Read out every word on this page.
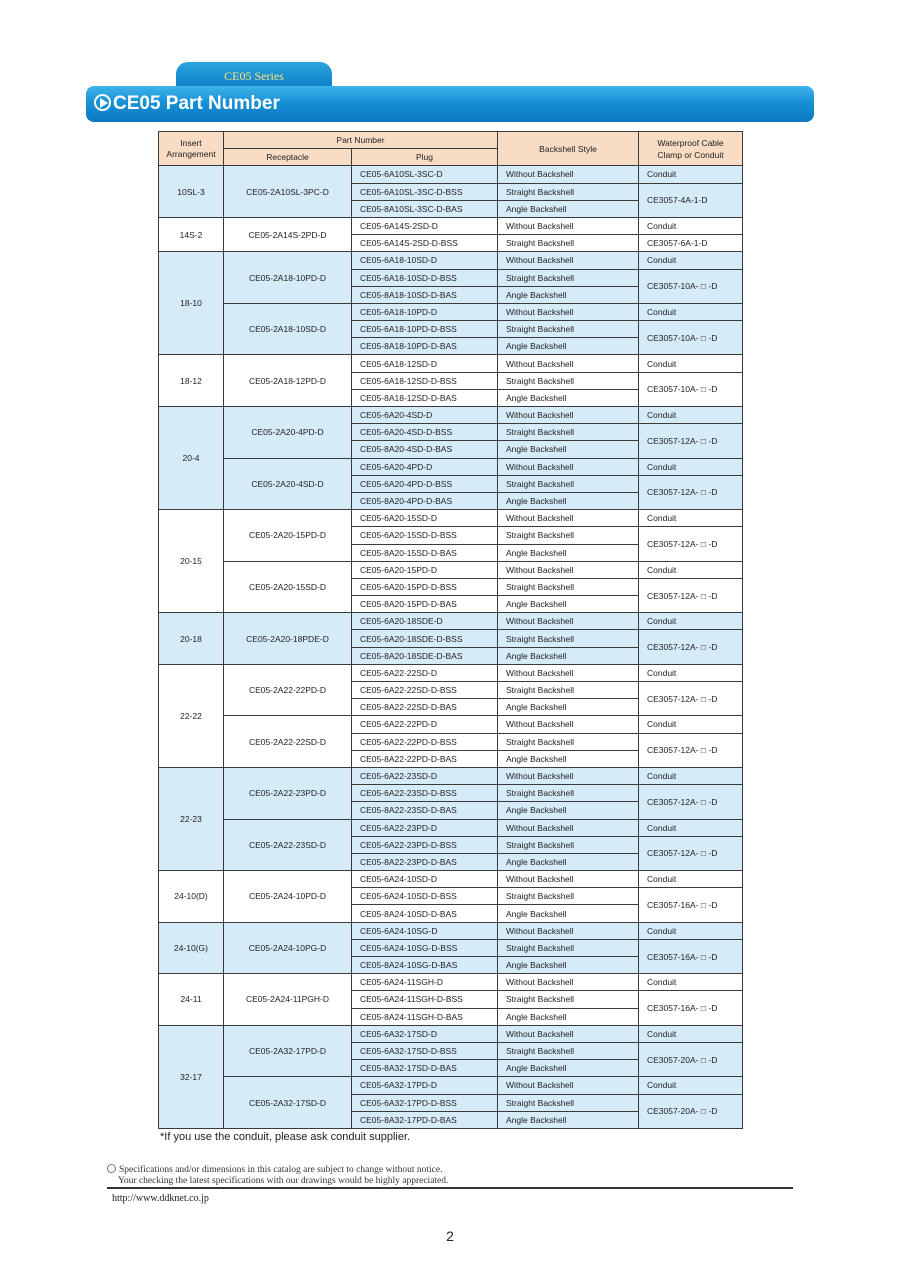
CE05 Series
CE05 Part Number
Insert Arrangement	Part Number		Backshell Style	Waterproof Cable Clamp or Conduit
	Receptacle	Plug		
10SL-3	CE05-2A10SL-3PC-D	CE05-6A10SL-3SC-D	Without Backshell	Conduit
		CE05-6A10SL-3SC-D-BSS	Straight Backshell	CE3057-4A-1-D
		CE05-8A10SL-3SC-D-BAS	Angle Backshell	
14S-2	CE05-2A14S-2PD-D	CE05-6A14S-2SD-D	Without Backshell	Conduit
		CE05-6A14S-2SD-D-BSS	Straight Backshell	CE3057-6A-1-D
18-10	CE05-2A18-10PD-D	CE05-6A18-10SD-D	Without Backshell	Conduit
		CE05-6A18-10SD-D-BSS	Straight Backshell	CE3057-10A- □ -D
		CE05-8A18-10SD-D-BAS	Angle Backshell	
	CE05-2A18-10SD-D	CE05-6A18-10PD-D	Without Backshell	Conduit
		CE05-6A18-10PD-D-BSS	Straight Backshell	CE3057-10A- □ -D
		CE05-8A18-10PD-D-BAS	Angle Backshell	
18-12	CE05-2A18-12PD-D	CE05-6A18-12SD-D	Without Backshell	Conduit
		CE05-6A18-12SD-D-BSS	Straight Backshell	CE3057-10A- □ -D
		CE05-8A18-12SD-D-BAS	Angle Backshell	
20-4	CE05-2A20-4PD-D	CE05-6A20-4SD-D	Without Backshell	Conduit
		CE05-6A20-4SD-D-BSS	Straight Backshell	CE3057-12A- □ -D
		CE05-8A20-4SD-D-BAS	Angle Backshell	
	CE05-2A20-4SD-D	CE05-6A20-4PD-D	Without Backshell	Conduit
		CE05-6A20-4PD-D-BSS	Straight Backshell	CE3057-12A- □ -D
		CE05-8A20-4PD-D-BAS	Angle Backshell	
20-15	CE05-2A20-15PD-D	CE05-6A20-15SD-D	Without Backshell	Conduit
		CE05-6A20-15SD-D-BSS	Straight Backshell	CE3057-12A- □ -D
		CE05-8A20-15SD-D-BAS	Angle Backshell	
	CE05-2A20-15SD-D	CE05-6A20-15PD-D	Without Backshell	Conduit
		CE05-6A20-15PD-D-BSS	Straight Backshell	CE3057-12A- □ -D
		CE05-8A20-15PD-D-BAS	Angle Backshell	
20-18	CE05-2A20-18PDE-D	CE05-6A20-18SDE-D	Without Backshell	Conduit
		CE05-6A20-18SDE-D-BSS	Straight Backshell	CE3057-12A- □ -D
		CE05-8A20-18SDE-D-BAS	Angle Backshell	
22-22	CE05-2A22-22PD-D	CE05-6A22-22SD-D	Without Backshell	Conduit
		CE05-6A22-22SD-D-BSS	Straight Backshell	CE3057-12A- □ -D
		CE05-8A22-22SD-D-BAS	Angle Backshell	
	CE05-2A22-22SD-D	CE05-6A22-22PD-D	Without Backshell	Conduit
		CE05-6A22-22PD-D-BSS	Straight Backshell	CE3057-12A- □ -D
		CE05-8A22-22PD-D-BAS	Angle Backshell	
22-23	CE05-2A22-23PD-D	CE05-6A22-23SD-D	Without Backshell	Conduit
		CE05-6A22-23SD-D-BSS	Straight Backshell	CE3057-12A- □ -D
		CE05-8A22-23SD-D-BAS	Angle Backshell	
	CE05-2A22-23SD-D	CE05-6A22-23PD-D	Without Backshell	Conduit
		CE05-6A22-23PD-D-BSS	Straight Backshell	CE3057-12A- □ -D
		CE05-8A22-23PD-D-BAS	Angle Backshell	
24-10(D)	CE05-2A24-10PD-D	CE05-6A24-10SD-D	Without Backshell	Conduit
		CE05-6A24-10SD-D-BSS	Straight Backshell	CE3057-16A- □ -D
		CE05-8A24-10SD-D-BAS	Angle Backshell	
24-10(G)	CE05-2A24-10PG-D	CE05-6A24-10SG-D	Without Backshell	Conduit
		CE05-6A24-10SG-D-BSS	Straight Backshell	CE3057-16A- □ -D
		CE05-8A24-10SG-D-BAS	Angle Backshell	
24-11	CE05-2A24-11PGH-D	CE05-6A24-11SGH-D	Without Backshell	Conduit
		CE05-6A24-11SGH-D-BSS	Straight Backshell	CE3057-16A- □ -D
		CE05-8A24-11SGH-D-BAS	Angle Backshell	
32-17	CE05-2A32-17PD-D	CE05-6A32-17SD-D	Without Backshell	Conduit
		CE05-6A32-17SD-D-BSS	Straight Backshell	CE3057-20A- □ -D
		CE05-8A32-17SD-D-BAS	Angle Backshell	
	CE05-2A32-17SD-D	CE05-6A32-17PD-D	Without Backshell	Conduit
		CE05-6A32-17PD-D-BSS	Straight Backshell	CE3057-20A- □ -D
		CE05-8A32-17PD-D-BAS	Angle Backshell	
*If you use the conduit, please ask conduit supplier.
Specifications and/or dimensions in this catalog are subject to change without notice.
Your checking the latest specifications with our drawings would be highly appreciated.
http://www.ddknet.co.jp
2
